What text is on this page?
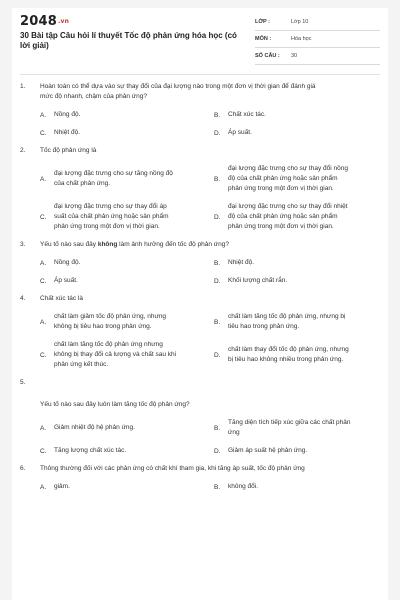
2048.vn
30 Bài tập Câu hỏi lí thuyết Tốc độ phản ứng hóa học (có
lời giải)
LỚP :	Lớp 10
MÔN :	Hóa học
SỐ CÂU : 30
1. Hoàn toàn có thể dựa vào sự thay đổi của đại lượng nào trong một đơn vị thời gian để đánh giá
mức độ nhanh, chậm của phản ứng?
A.	Nồng độ.	B.	Chất xúc tác.
C.	Nhiệt độ.	D.	Áp suất.
2. Tốc độ phản ứng là
A.
đại lượng đặc trưng cho sự tăng nồng độ
của chất phản ứng.
B.
đại lượng đặc trưng cho sự thay đổi nồng
độ của chất phản ứng hoặc sản phẩm
phản ứng trong một đơn vị thời gian.
C.
đại lượng đặc trưng cho sự thay đổi áp
suất của chất phản ứng hoặc sản phẩm
phản ứng trong một đơn vị thời gian.
D.
đại lượng đặc trưng cho sự thay đổi nhiệt
độ của chất phản ứng hoặc sản phẩm
phản ứng trong một đơn vị thời gian.
3. Yếu tố nào sau đây không làm ảnh hưởng đến tốc độ phản ứng?
A.	Nồng độ.	B.	Nhiệt độ.
C.	Áp suất.	D.	Khối lượng chất rắn.
4. Chất xúc tác là
A.
chất làm giảm tốc độ phản ứng, nhưng
không bị tiêu hao trong phản ứng.
B.
chất làm tăng tốc độ phản ứng, nhưng bị
tiêu hao trong phản ứng.
C.
chất làm tăng tốc độ phản ứng nhưng
không bị thay đổi cả lượng và chất sau khi
phản ứng kết thúc.
D.
chất làm thay đổi tốc độ phản ứng, nhưng
bị tiêu hao không nhiều trong phản ứng.
5.
Yếu tố nào sau đây luôn làm tăng tốc độ phản ứng?
A.	Giảm nhiệt độ hệ phản ứng.	B.
Tăng diện tích tiếp xúc giữa các chất phản
ứng
C.	Tăng lượng chất xúc tác.	D.	Giảm áp suất hệ phản ứng.
6. Thông thường đối với các phản ứng có chất khí tham gia, khi tăng áp suất, tốc độ phản ứng
A.	giảm.	B.	không đổi.
